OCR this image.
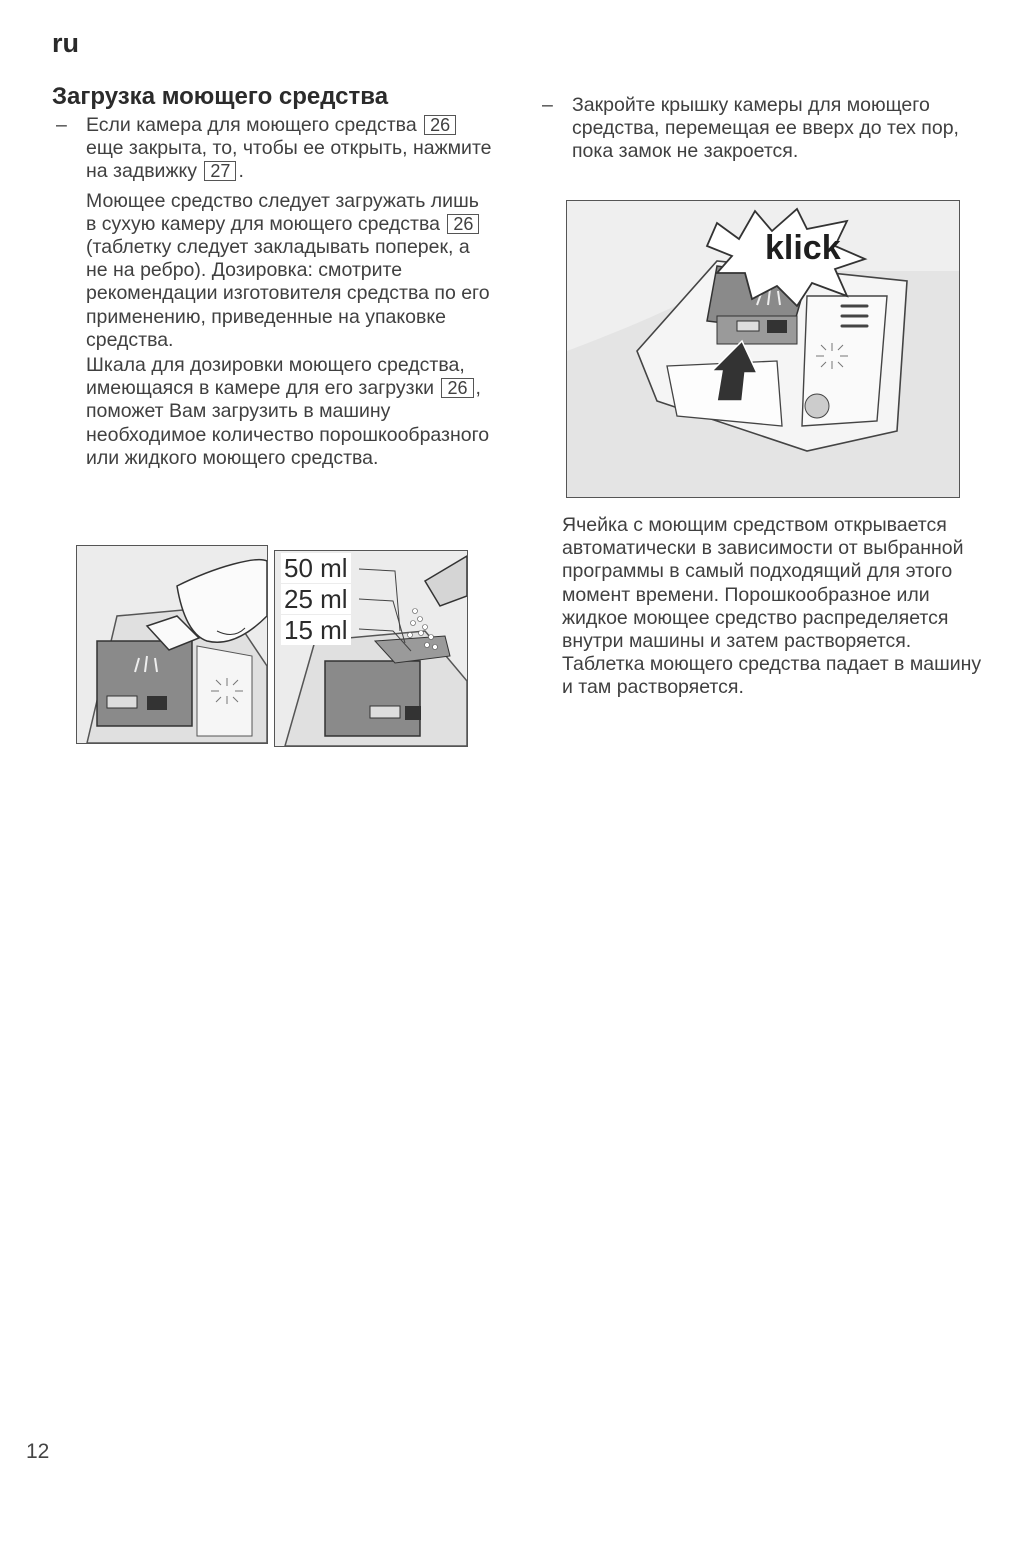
ru
Загрузка моющего средства
– Если камера для моющего средства 26 еще закрыта, то, чтобы ее открыть, нажмите на задвижку 27 .
Моющее средство следует загружать лишь в сухую камеру для моющего средства 26 (таблетку следует закладывать поперек, а не на ребро). Дозировка: смотрите рекомендации изготовителя средства по его применению, приведенные на упаковке средства.
Шкала для дозировки моющего средства, имеющаяся в камере для его загрузки 26 , поможет Вам загрузить в машину необходимое количество порошкообразного или жидкого моющего средства.
50 ml
25 ml
15 ml
– Закройте крышку камеры для моющего средства, перемещая ее вверх до тех пор, пока замок не закроется.
klick
Ячейка с моющим средством открывается автоматически в зависимости от выбранной программы в самый подходящий для этого момент времени. Порошкообразное или жидкое моющее средство распределяется внутри машины и затем растворяется. Таблетка моющего средства падает в машину и там растворяется.
12
